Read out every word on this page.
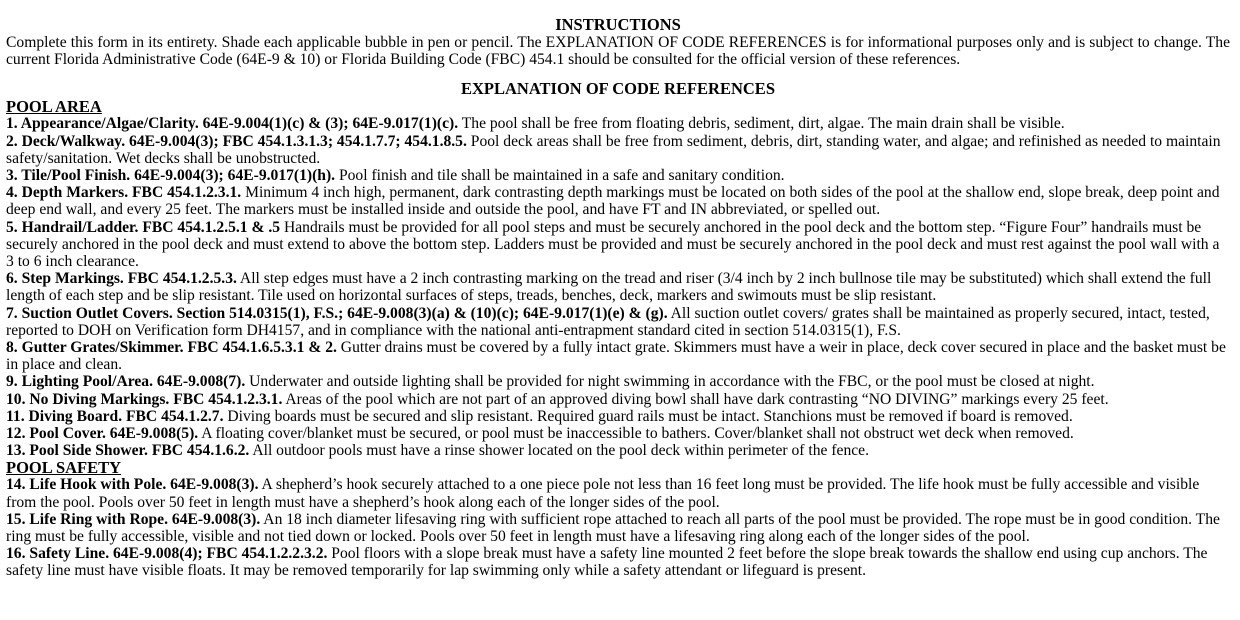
INSTRUCTIONS

Complete this form in its entirety. Shade each applicable bubble in pen or pencil. The EXPLANATION OF CODE REFERENCES is for informational purposes only and is subject to change. The current Florida Administrative Code (64E-9 & 10) or Florida Building Code (FBC) 454.1 should be consulted for the official version of these references.

EXPLANATION OF CODE REFERENCES
POOL AREA

1. Appearance/Algae/Clarity. 64E-9.004(1)(c) & (3); 64E-9.017(1)(c). The pool shall be free from floating debris, sediment, dirt, algae. The main drain shall be visible.

2. Deck/Walkway. 64E-9.004(3); FBC 454.1.3.1.3; 454.1.7.7; 454.1.8.5. Pool deck areas shall be free from sediment, debris, dirt, standing water, and algae; and refinished as needed to maintain safety/sanitation. Wet decks shall be unobstructed.

3. Tile/Pool Finish. 64E-9.004(3); 64E-9.017(1)(h). Pool finish and tile shall be maintained in a safe and sanitary condition.

4. Depth Markers. FBC 454.1.2.3.1. Minimum 4 inch high, permanent, dark contrasting depth markings must be located on both sides of the pool at the shallow end, slope break, deep point and deep end wall, and every 25 feet. The markers must be installed inside and outside the pool, and have FT and IN abbreviated, or spelled out.

5. Handrail/Ladder. FBC 454.1.2.5.1 & .5 Handrails must be provided for all pool steps and must be securely anchored in the pool deck and the bottom step. “Figure Four” handrails must be securely anchored in the pool deck and must extend to above the bottom step. Ladders must be provided and must be securely anchored in the pool deck and must rest against the pool wall with a 3 to 6 inch clearance.

6. Step Markings. FBC 454.1.2.5.3. All step edges must have a 2 inch contrasting marking on the tread and riser (3/4 inch by 2 inch bullnose tile may be substituted) which shall extend the full length of each step and be slip resistant. Tile used on horizontal surfaces of steps, treads, benches, deck, markers and swimouts must be slip resistant.

7. Suction Outlet Covers. Section 514.0315(1), F.S.; 64E-9.008(3)(a) & (10)(c); 64E-9.017(1)(e) & (g). All suction outlet covers/ grates shall be maintained as properly secured, intact, tested, reported to DOH on Verification form DH4157, and in compliance with the national anti-entrapment standard cited in section 514.0315(1), F.S.

8. Gutter Grates/Skimmer. FBC 454.1.6.5.3.1 & 2. Gutter drains must be covered by a fully intact grate. Skimmers must have a weir in place, deck cover secured in place and the basket must be in place and clean.

9. Lighting Pool/Area. 64E-9.008(7). Underwater and outside lighting shall be provided for night swimming in accordance with the FBC, or the pool must be closed at night.

10. No Diving Markings. FBC 454.1.2.3.1. Areas of the pool which are not part of an approved diving bowl shall have dark contrasting “NO DIVING” markings every 25 feet.

11. Diving Board. FBC 454.1.2.7. Diving boards must be secured and slip resistant. Required guard rails must be intact. Stanchions must be removed if board is removed.

12. Pool Cover. 64E-9.008(5). A floating cover/blanket must be secured, or pool must be inaccessible to bathers. Cover/blanket shall not obstruct wet deck when removed.

13. Pool Side Shower. FBC 454.1.6.2. All outdoor pools must have a rinse shower located on the pool deck within perimeter of the fence.

POOL SAFETY

14. Life Hook with Pole. 64E-9.008(3). A shepherd’s hook securely attached to a one piece pole not less than 16 feet long must be provided. The life hook must be fully accessible and visible from the pool. Pools over 50 feet in length must have a shepherd’s hook along each of the longer sides of the pool.

15. Life Ring with Rope. 64E-9.008(3). An 18 inch diameter lifesaving ring with sufficient rope attached to reach all parts of the pool must be provided. The rope must be in good condition. The ring must be fully accessible, visible and not tied down or locked. Pools over 50 feet in length must have a lifesaving ring along each of the longer sides of the pool.

16. Safety Line. 64E-9.008(4); FBC 454.1.2.2.3.2. Pool floors with a slope break must have a safety line mounted 2 feet before the slope break towards the shallow end using cup anchors. The safety line must have visible floats. It may be removed temporarily for lap swimming only while a safety attendant or lifeguard is present.
